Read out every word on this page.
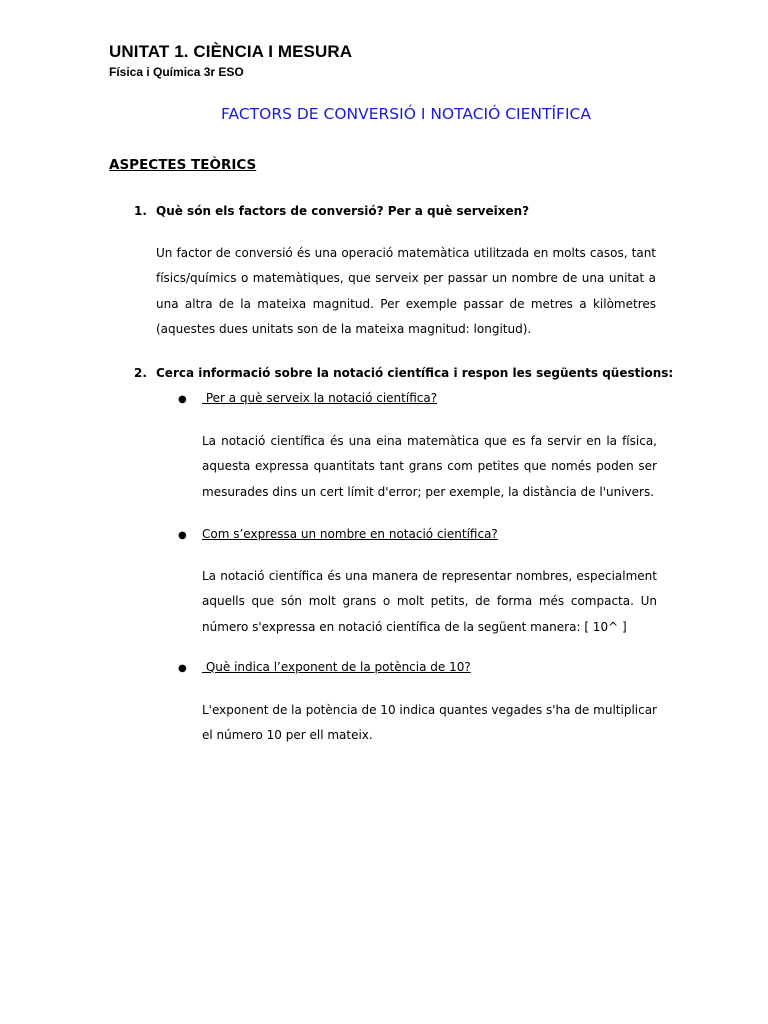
UNITAT 1. CIÈNCIA I MESURA
Física i Química 3r ESO
FACTORS DE CONVERSIÓ I NOTACIÓ CIENTÍFICA
ASPECTES TEÒRICS
1. Què són els factors de conversió? Per a què serveixen?
Un factor de conversió és una operació matemàtica utilitzada en molts casos, tant físics/químics o matemàtiques, que serveix per passar un nombre de una unitat a una altra de la mateixa magnitud. Per exemple passar de metres a kilòmetres (aquestes dues unitats son de la mateixa magnitud: longitud).
2. Cerca informació sobre la notació científica i respon les següents qüestions:
● Per a què serveix la notació científica?
La notació científica és una eina matemàtica que es fa servir en la física, aquesta expressa quantitats tant grans com petites que només poden ser mesurades dins un cert límit d'error; per exemple, la distància de l'univers.
● Com s’expressa un nombre en notació científica?
La notació científica és una manera de representar nombres, especialment aquells que són molt grans o molt petits, de forma més compacta. Un número s'expressa en notació científica de la següent manera: [ 10^ ]
● Què indica l’exponent de la potència de 10?
L'exponent de la potència de 10 indica quantes vegades s'ha de multiplicar el número 10 per ell mateix.
